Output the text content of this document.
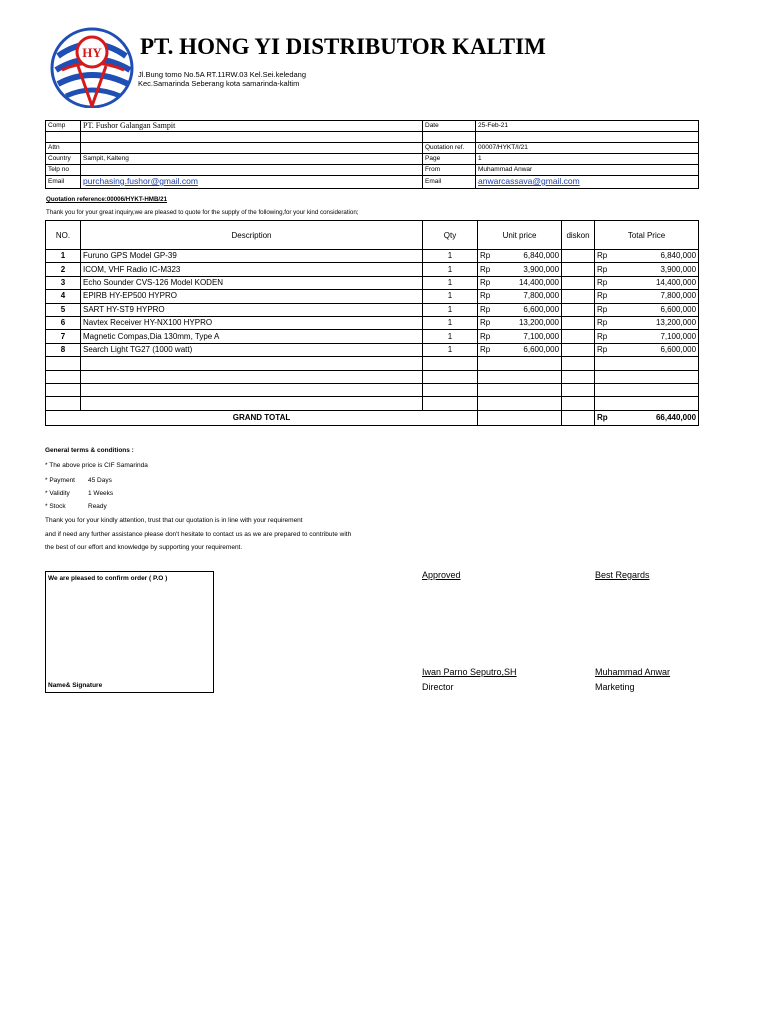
HY PT. HONG YI DISTRIBUTOR KALTIM
Jl.Bung tomo No.5A RT.11RW.03 Kel.Sei.keledang
Kec.Samarinda Seberang kota samarinda-kaltim
Comp	PT. Fushor Galangan Sampit	Date	25-Feb-21

Attn		Quotation ref.	00007/HYKT/I/21
Country	Sampit, Kalteng	Page	1
Telp no		From	Muhammad Anwar
Email	purchasing.fushor@gmail.com	Email	anwarcassava@gmail.com
Quotation reference:00006/HYKT-HMB/21
Thank you for your great inquiry,we are pleased to quote for the supply of the following,for your kind consideration;
NO.	Description	Qty	Unit price		diskon	Total Price	
1	Furuno GPS Model GP-39	1	Rp	6,840,000		Rp	6,840,000
2	ICOM, VHF Radio IC-M323	1	Rp	3,900,000		Rp	3,900,000
3	Echo Sounder CVS-126 Model KODEN	1	Rp	14,400,000		Rp	14,400,000
4	EPIRB HY-EP500 HYPRO	1	Rp	7,800,000		Rp	7,800,000
5	SART HY-ST9 HYPRO	1	Rp	6,600,000		Rp	6,600,000
6	Navtex Receiver HY-NX100 HYPRO	1	Rp	13,200,000		Rp	13,200,000
7	Magnetic Compas,Dia 130mm, Type A	1	Rp	7,100,000		Rp	7,100,000
8	Search Light TG27 (1000 watt)	1	Rp	6,600,000		Rp	6,600,000

GRAND TOTAL						Rp	66,440,000
General terms & conditions :
* The above price is CIF Samarinda
* Payment 45 Days
* Validity	1 Weeks
* Stock	Ready
Thank you for your kindly attention, trust that our quotation is in line with your requirement
and if need any further assistance please don't hesitate to contact us as we are prepared to contribute with
the best of our effort and knowledge by supporting your requirement.
We are pleased to confirm order ( P.O )
Name& Signature
Approved
Iwan Parno Seputro,SH
Director
Best Regards
Muhammad Anwar
Marketing
